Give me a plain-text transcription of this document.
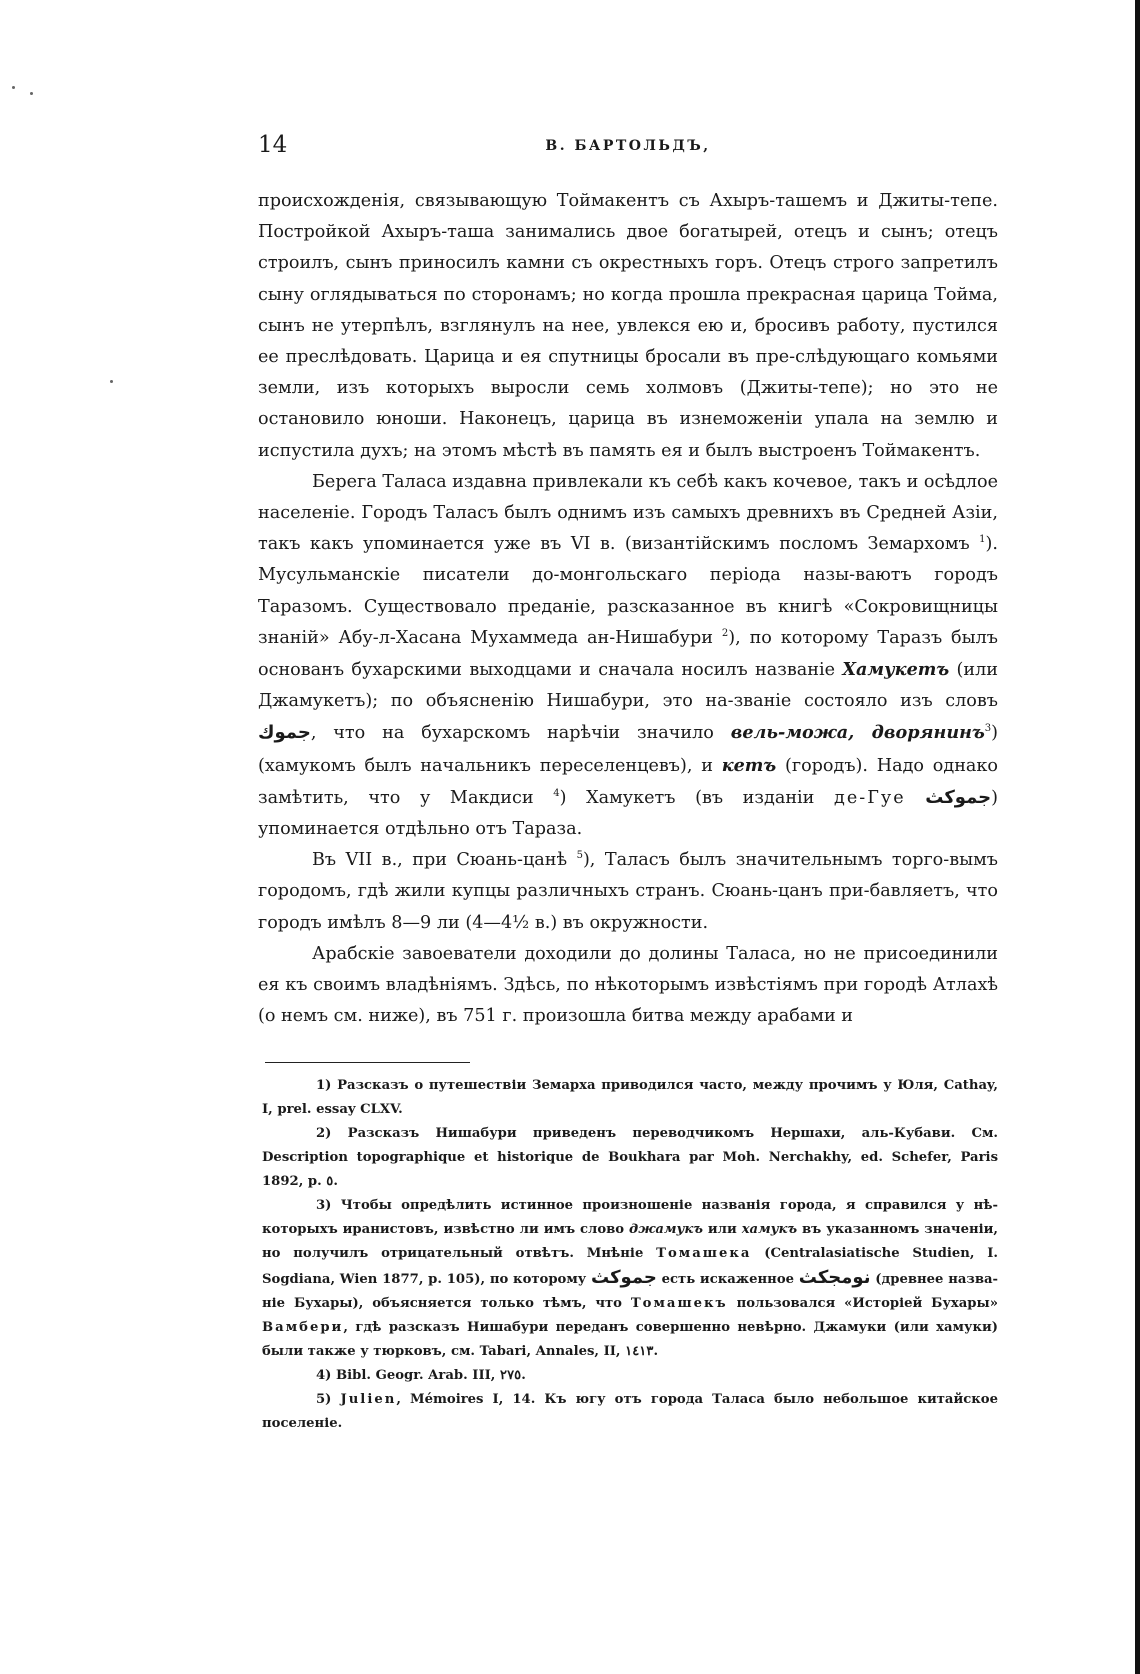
14	В. БАРТОЛЬДЪ,

происхожденія, связывающую Тоймакентъ съ Ахыръ-ташемъ и Джиты-тепе. Постройкой Ахыръ-таша занимались двое богатырей, отецъ и сынъ; отецъ строилъ, сынъ приносилъ камни съ окрестныхъ горъ. Отецъ строго запретилъ сыну оглядываться по сторонамъ; но когда прошла прекрасная царица Тойма, сынъ не утерпѣлъ, взглянулъ на нее, увлекся ею и, бросивъ работу, пустился ее преслѣдовать. Царица и ея спутницы бросали въ пре-слѣдующаго комьями земли, изъ которыхъ выросли семь холмовъ (Джиты-тепе); но это не остановило юноши. Наконецъ, царица въ изнеможеніи упала на землю и испустила духъ; на этомъ мѣстѣ въ память ея и былъ выстроенъ Тоймакентъ.

Берега Таласа издавна привлекали къ себѣ какъ кочевое, такъ и осѣдлое населеніе. Городъ Таласъ былъ однимъ изъ самыхъ древнихъ въ Средней Азіи, такъ какъ упоминается уже въ VI в. (византійскимъ посломъ Земархомъ $^1$). Мусульманскіе писатели до-монгольскаго періода назы-ваютъ городъ Таразомъ. Существовало преданіе, разсказанное въ книгѣ «Сокровищницы знаній» Абу-л-Хасана Мухаммеда ан-Нишабури $^2$), по которому Таразъ былъ основанъ бухарскими выходцами и сначала носилъ названіе Хамукетъ (или Джамукетъ); по объясненію Нишабури, это на-званіе состояло изъ словъ جموك, что на бухарскомъ нарѣчіи значило вель-можа, дворянинъ$^3$) (хамукомъ былъ начальникъ переселенцевъ), и кетъ (городъ). Надо однако замѣтить, что у Макдиси $^4$) Хамукетъ (въ изданіи де-Гуе جموكث) упоминается отдѣльно отъ Тараза.

Въ VII в., при Сюань-цанѣ $^5$), Таласъ былъ значительнымъ торго-вымъ городомъ, гдѣ жили купцы различныхъ странъ. Сюань-цанъ при-бавляетъ, что городъ имѣлъ 8—9 ли (4—4½ в.) въ окружности.

Арабскіе завоеватели доходили до долины Таласа, но не присоединили ея къ своимъ владѣніямъ. Здѣсь, по нѣкоторымъ извѣстіямъ при городѣ Атлахѣ (о немъ см. ниже), въ 751 г. произошла битва между арабами и

1) Разсказъ о путешествіи Земарха приводился часто, между прочимъ у Юля, Cathay, I, prel. essay CLXV.

2) Разсказъ Нишабури приведенъ переводчикомъ Нершахи, аль-Кубави. См. Description topographique et historique de Boukhara par Moh. Nerchakhy, ed. Schefer, Paris 1892, p. ٥.

3) Чтобы опредѣлить истинное произношеніе названія города, я справился у нѣ-которыхъ иранистовъ, извѣстно ли имъ слово джамукъ или хамукъ въ указанномъ значеніи, но получилъ отрицательный отвѣтъ. Мнѣніе Томашека (Centralasiatische Studien, I. Sogdiana, Wien 1877, p. 105), по которому جموكث есть искаженное نومجكث (древнее назва-ніе Бухары), объясняется только тѣмъ, что Томашекъ пользовался «Исторіей Бухары» Вамбери, гдѣ разсказъ Нишабури переданъ совершенно невѣрно. Джамуки (или хамуки) были также у тюрковъ, см. Tabari, Annales, II, ١٤١٣.

4) Bibl. Geogr. Arab. III, ٢٧٥.

5) Julien, Mémoires I, 14. Къ югу отъ города Таласа было небольшое китайское поселеніе.
